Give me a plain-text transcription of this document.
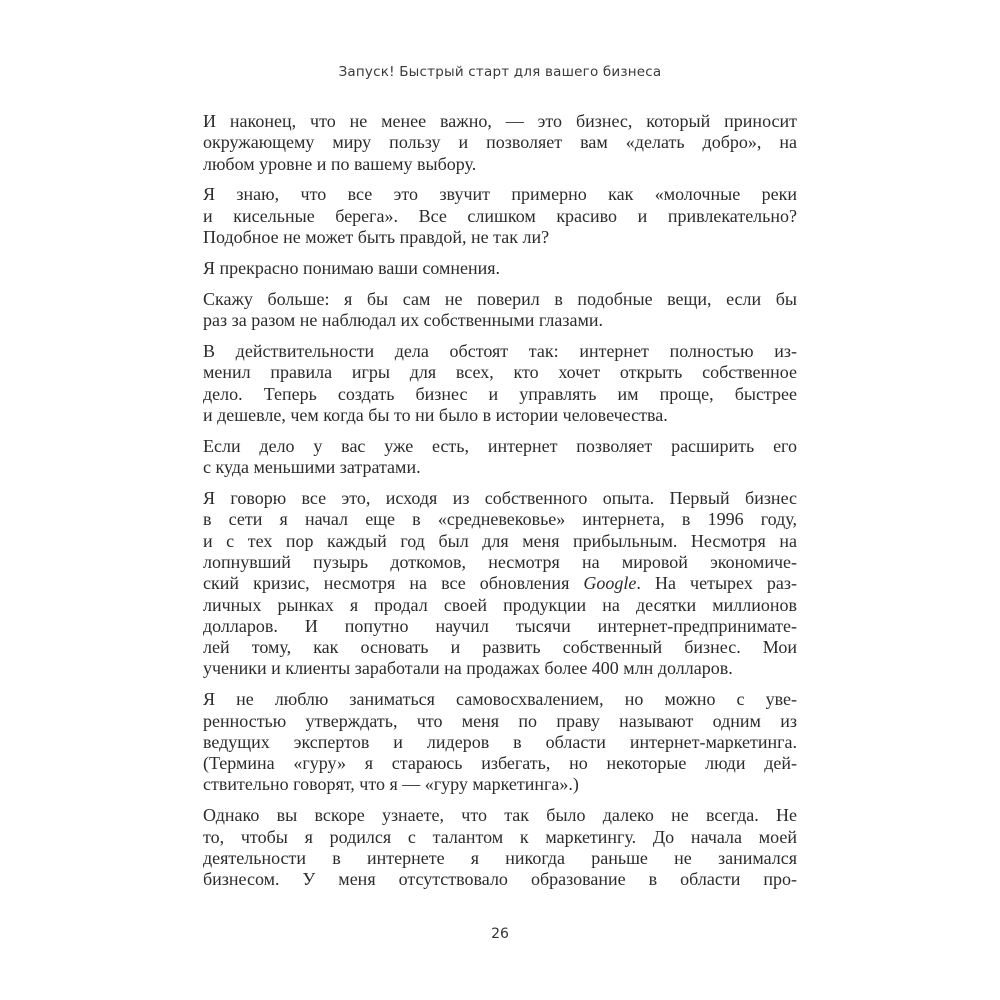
Запуск! Быстрый старт для вашего бизнеса
И наконец, что не менее важно, — это бизнес, который приносит
окружающему миру пользу и позволяет вам «делать добро», на
любом уровне и по вашему выбору.
Я знаю, что все это звучит примерно как «молочные реки
и кисельные берега». Все слишком красиво и привлекательно?
Подобное не может быть правдой, не так ли?
Я прекрасно понимаю ваши сомнения.
Скажу больше: я бы сам не поверил в подобные вещи, если бы
раз за разом не наблюдал их собственными глазами.
В действительности дела обстоят так: интернет полностью из-
менил правила игры для всех, кто хочет открыть собственное
дело. Теперь создать бизнес и управлять им проще, быстрее
и дешевле, чем когда бы то ни было в истории человечества.
Если дело у вас уже есть, интернет позволяет расширить его
с куда меньшими затратами.
Я говорю все это, исходя из собственного опыта. Первый бизнес
в сети я начал еще в «средневековье» интернета, в 1996 году,
и с тех пор каждый год был для меня прибыльным. Несмотря на
лопнувший пузырь доткомов, несмотря на мировой экономиче-
ский кризис, несмотря на все обновления Google. На четырех раз-
личных рынках я продал своей продукции на десятки миллионов
долларов. И попутно научил тысячи интернет-предпринимате-
лей тому, как основать и развить собственный бизнес. Мои
ученики и клиенты заработали на продажах более 400 млн долларов.
Я не люблю заниматься самовосхвалением, но можно с уве-
ренностью утверждать, что меня по праву называют одним из
ведущих экспертов и лидеров в области интернет-маркетинга.
(Термина «гуру» я стараюсь избегать, но некоторые люди дей-
ствительно говорят, что я — «гуру маркетинга».)
Однако вы вскоре узнаете, что так было далеко не всегда. Не
то, чтобы я родился с талантом к маркетингу. До начала моей
деятельности в интернете я никогда раньше не занимался
бизнесом. У меня отсутствовало образование в области про-
26
